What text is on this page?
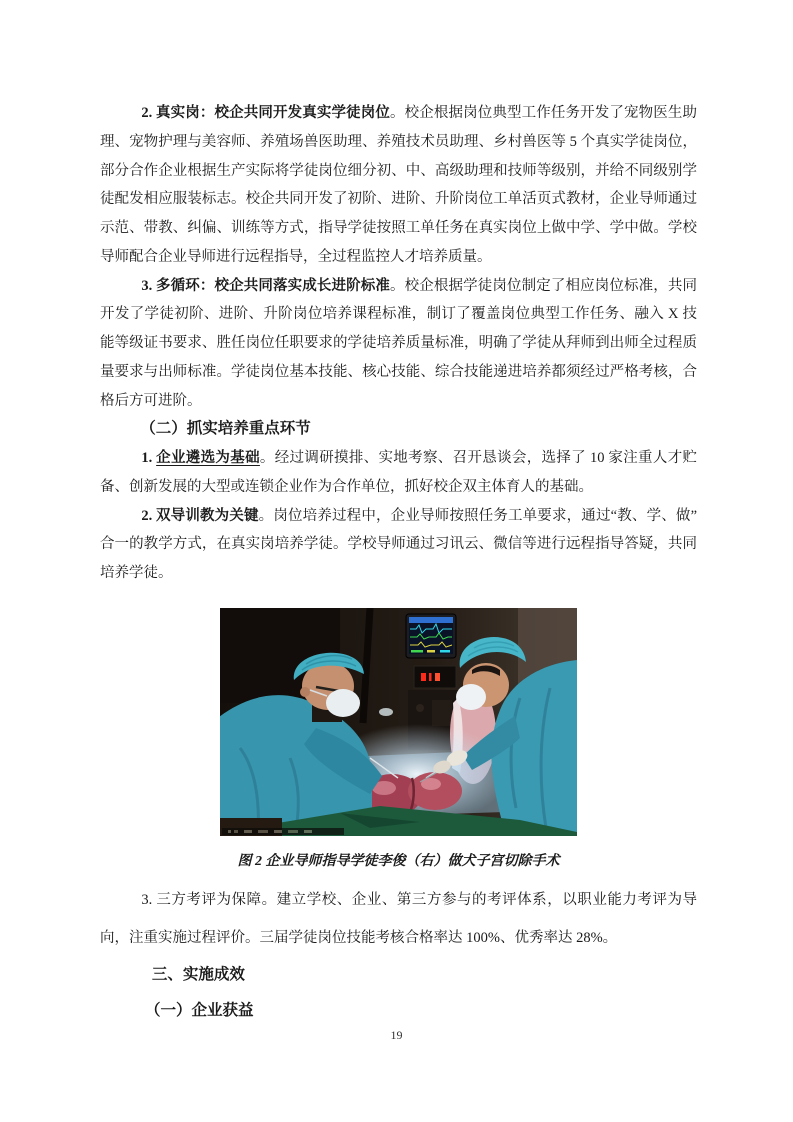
2. 真实岗：校企共同开发真实学徒岗位。校企根据岗位典型工作任务开发了宠物医生助理、宠物护理与美容师、养殖场兽医助理、养殖技术员助理、乡村兽医等 5 个真实学徒岗位，部分合作企业根据生产实际将学徒岗位细分初、中、高级助理和技师等级别，并给不同级别学徒配发相应服装标志。校企共同开发了初阶、进阶、升阶岗位工单活页式教材，企业导师通过示范、带教、纠偏、训练等方式，指导学徒按照工单任务在真实岗位上做中学、学中做。学校导师配合企业导师进行远程指导，全过程监控人才培养质量。

3. 多循环：校企共同落实成长进阶标准。校企根据学徒岗位制定了相应岗位标准，共同开发了学徒初阶、进阶、升阶岗位培养课程标准，制订了覆盖岗位典型工作任务、融入 X 技能等级证书要求、胜任岗位任职要求的学徒培养质量标准，明确了学徒从拜师到出师全过程质量要求与出师标准。学徒岗位基本技能、核心技能、综合技能递进培养都须经过严格考核，合格后方可进阶。

（二）抓实培养重点环节

1. 企业遴选为基础。经过调研摸排、实地考察、召开恳谈会，选择了 10 家注重人才贮备、创新发展的大型或连锁企业作为合作单位，抓好校企双主体育人的基础。

2. 双导训教为关键。岗位培养过程中，企业导师按照任务工单要求，通过“教、学、做”合一的教学方式，在真实岗培养学徒。学校导师通过习讯云、微信等进行远程指导答疑，共同培养学徒。

图 2 企业导师指导学徒李俊（右）做犬子宫切除手术

3. 三方考评为保障。建立学校、企业、第三方参与的考评体系，以职业能力考评为导向，注重实施过程评价。三届学徒岗位技能考核合格率达 100%、优秀率达 28%。

三、实施成效

（一）企业获益

19
